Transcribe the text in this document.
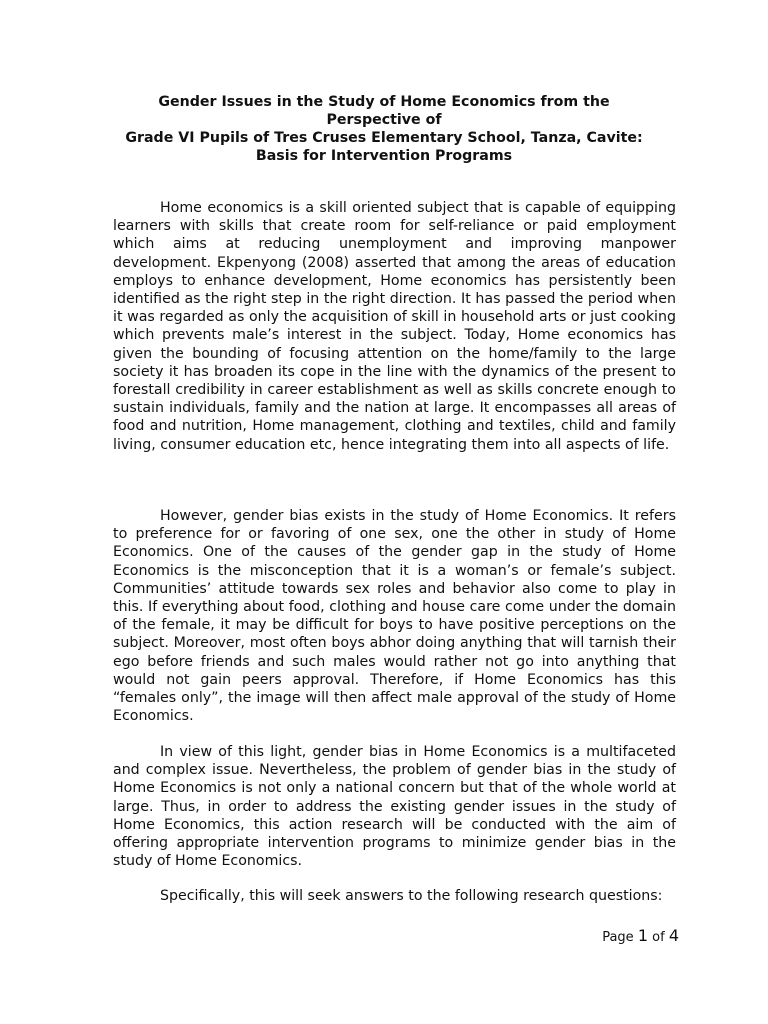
Gender Issues in the Study of Home Economics from the
Perspective of
Grade VI Pupils of Tres Cruses Elementary School, Tanza, Cavite:
Basis for Intervention Programs

Home economics is a skill oriented subject that is capable of equipping learners with skills that create room for self-reliance or paid employment which aims at reducing unemployment and improving manpower development. Ekpenyong (2008) asserted that among the areas of education employs to enhance development, Home economics has persistently been identified as the right step in the right direction. It has passed the period when it was regarded as only the acquisition of skill in household arts or just cooking which prevents male’s interest in the subject. Today, Home economics has given the bounding of focusing attention on the home/family to the large society it has broaden its cope in the line with the dynamics of the present to forestall credibility in career establishment as well as skills concrete enough to sustain individuals, family and the nation at large. It encompasses all areas of food and nutrition, Home management, clothing and textiles, child and family living, consumer education etc, hence integrating them into all aspects of life.

However, gender bias exists in the study of Home Economics. It refers to preference for or favoring of one sex, one the other in study of Home Economics. One of the causes of the gender gap in the study of Home Economics is the misconception that it is a woman’s or female’s subject. Communities’ attitude towards sex roles and behavior also come to play in this. If everything about food, clothing and house care come under the domain of the female, it may be difficult for boys to have positive perceptions on the subject. Moreover, most often boys abhor doing anything that will tarnish their ego before friends and such males would rather not go into anything that would not gain peers approval. Therefore, if Home Economics has this “females only”, the image will then affect male approval of the study of Home Economics.

In view of this light, gender bias in Home Economics is a multifaceted and complex issue. Nevertheless, the problem of gender bias in the study of Home Economics is not only a national concern but that of the whole world at large. Thus, in order to address the existing gender issues in the study of Home Economics, this action research will be conducted with the aim of offering appropriate intervention programs to minimize gender bias in the study of Home Economics.

Specifically, this will seek answers to the following research questions:

Page 1 of 4
